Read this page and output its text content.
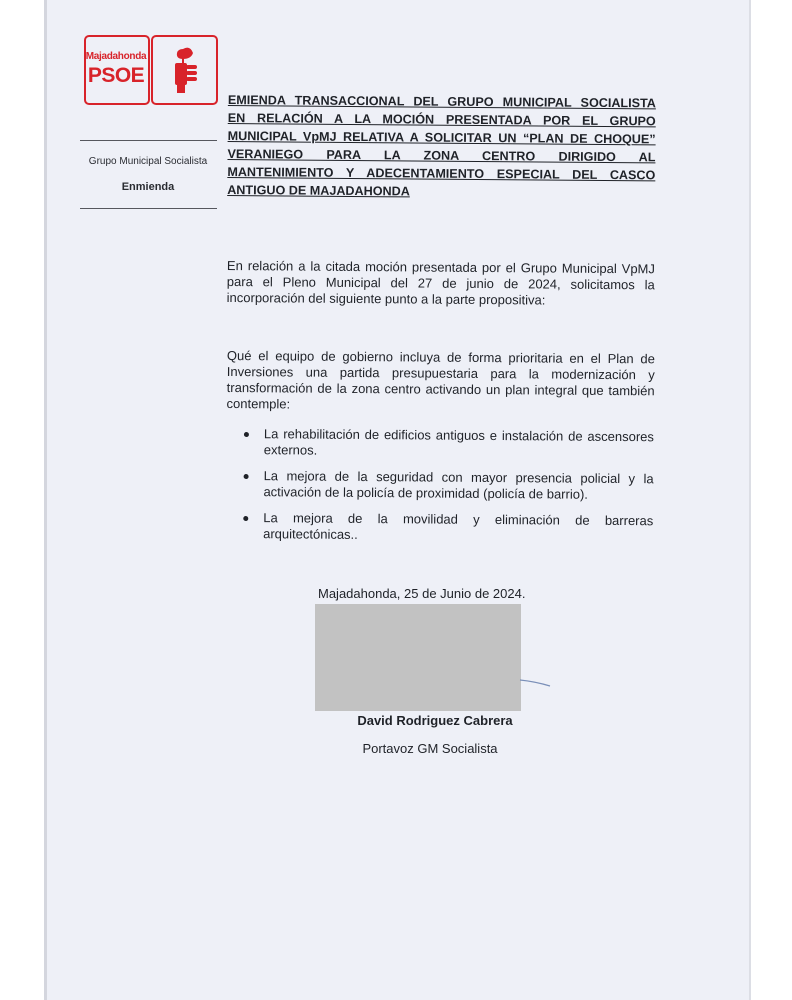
Majadahonda
PSOE
Grupo Municipal Socialista
Enmienda
EMIENDA TRANSACCIONAL DEL GRUPO MUNICIPAL SOCIALISTA
EN RELACIÓN A LA MOCIÓN PRESENTADA POR EL GRUPO
MUNICIPAL VpMJ RELATIVA A SOLICITAR UN “PLAN DE CHOQUE”
VERANIEGO PARA LA ZONA CENTRO DIRIGIDO AL
MANTENIMIENTO Y ADECENTAMIENTO ESPECIAL DEL CASCO
ANTIGUO DE MAJADAHONDA
En relación a la citada moción presentada por el Grupo Municipal VpMJ para el Pleno Municipal del 27 de junio de 2024, solicitamos la incorporación del siguiente punto a la parte propositiva:
Qué el equipo de gobierno incluya de forma prioritaria en el Plan de Inversiones una partida presupuestaria para la modernización y transformación de la zona centro activando un plan integral que también contemple:
La rehabilitación de edificios antiguos e instalación de ascensores externos.
La mejora de la seguridad con mayor presencia policial y la activación de la policía de proximidad (policía de barrio).
La mejora de la movilidad y eliminación de barreras arquitectónicas..
Majadahonda, 25 de Junio de 2024.
David Rodriguez Cabrera
Portavoz GM Socialista
